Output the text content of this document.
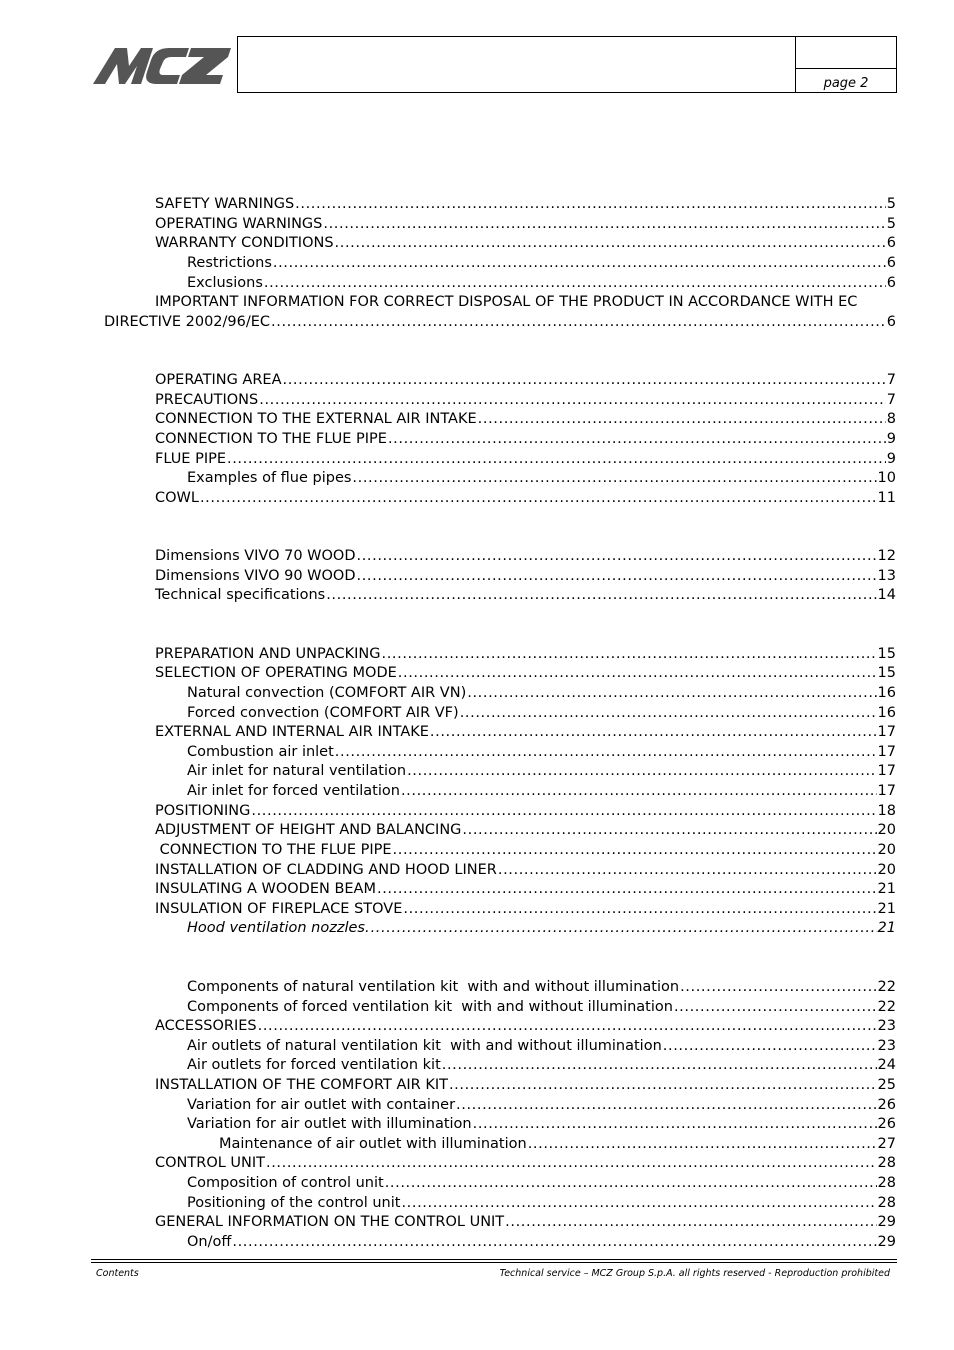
page 2
SAFETY WARNINGS .....	5
OPERATING WARNINGS .....	5
WARRANTY CONDITIONS .....	6
Restrictions .....	6
Exclusions .....	6
IMPORTANT INFORMATION FOR CORRECT DISPOSAL OF THE PRODUCT IN ACCORDANCE WITH EC
DIRECTIVE 2002/96/EC .....	6
OPERATING AREA .....	7
PRECAUTIONS .....	7
CONNECTION TO THE EXTERNAL AIR INTAKE .....	8
CONNECTION TO THE FLUE PIPE .....	9
FLUE PIPE .....	9
Examples of flue pipes .....	10
COWL .....	11
Dimensions VIVO 70 WOOD .....	12
Dimensions VIVO 90 WOOD .....	13
Technical specifications .....	14
PREPARATION AND UNPACKING .....	15
SELECTION OF OPERATING MODE .....	15
Natural convection (COMFORT AIR VN) .....	16
Forced convection (COMFORT AIR VF) .....	16
EXTERNAL AND INTERNAL AIR INTAKE .....	17
Combustion air inlet .....	17
Air inlet for natural ventilation .....	17
Air inlet for forced ventilation .....	17
POSITIONING .....	18
ADJUSTMENT OF HEIGHT AND BALANCING .....	20
CONNECTION TO THE FLUE PIPE .....	20
INSTALLATION OF CLADDING AND HOOD LINER .....	20
INSULATING A WOODEN BEAM .....	21
INSULATION OF FIREPLACE STOVE .....	21
Hood ventilation nozzles. .....	21
Components of natural ventilation kit  with and without illumination .....	22
Components of forced ventilation kit  with and without illumination .....	22
ACCESSORIES .....	23
Air outlets of natural ventilation kit  with and without illumination .....	23
Air outlets for forced ventilation kit .....	24
INSTALLATION OF THE COMFORT AIR KIT .....	25
Variation for air outlet with container .....	26
Variation for air outlet with illumination .....	26
Maintenance of air outlet with illumination .....	27
CONTROL UNIT .....	28
Composition of control unit .....	28
Positioning of the control unit .....	28
GENERAL INFORMATION ON THE CONTROL UNIT .....	29
On/off .....	29
Contents	Technical service – MCZ Group S.p.A. all rights reserved - Reproduction prohibited
